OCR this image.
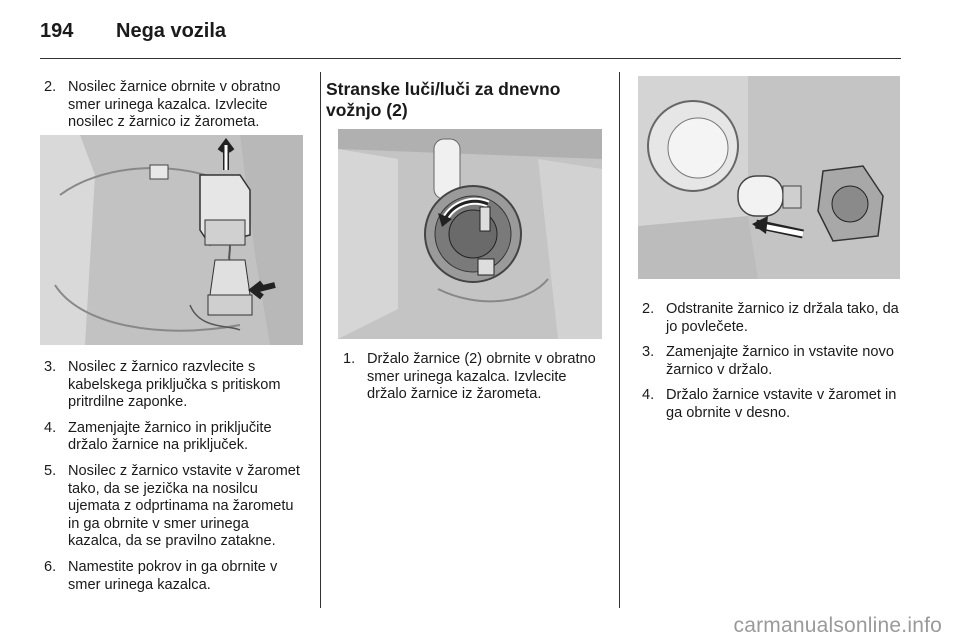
194 Nega vozila
2. Nosilec žarnice obrnite v obratno smer urinega kazalca. Izvlecite nosilec z žarnico iz žarometa.
3. Nosilec z žarnico razvlecite s kabelskega priključka s pritiskom pritrdilne zaponke.
4. Zamenjajte žarnico in priključite držalo žarnice na priključek.
5. Nosilec z žarnico vstavite v žaromet tako, da se jezička na nosilcu ujemata z odprtinama na žarometu in ga obrnite v smer urinega kazalca, da se pravilno zatakne.
6. Namestite pokrov in ga obrnite v smer urinega kazalca.
Stranske luči/luči za dnevno vožnjo (2)
1. Držalo žarnice (2) obrnite v obratno smer urinega kazalca. Izvlecite držalo žarnice iz žarometa.
2. Odstranite žarnico iz držala tako, da jo povlečete.
3. Zamenjajte žarnico in vstavite novo žarnico v držalo.
4. Držalo žarnice vstavite v žaromet in ga obrnite v desno.
carmanualsonline.info
